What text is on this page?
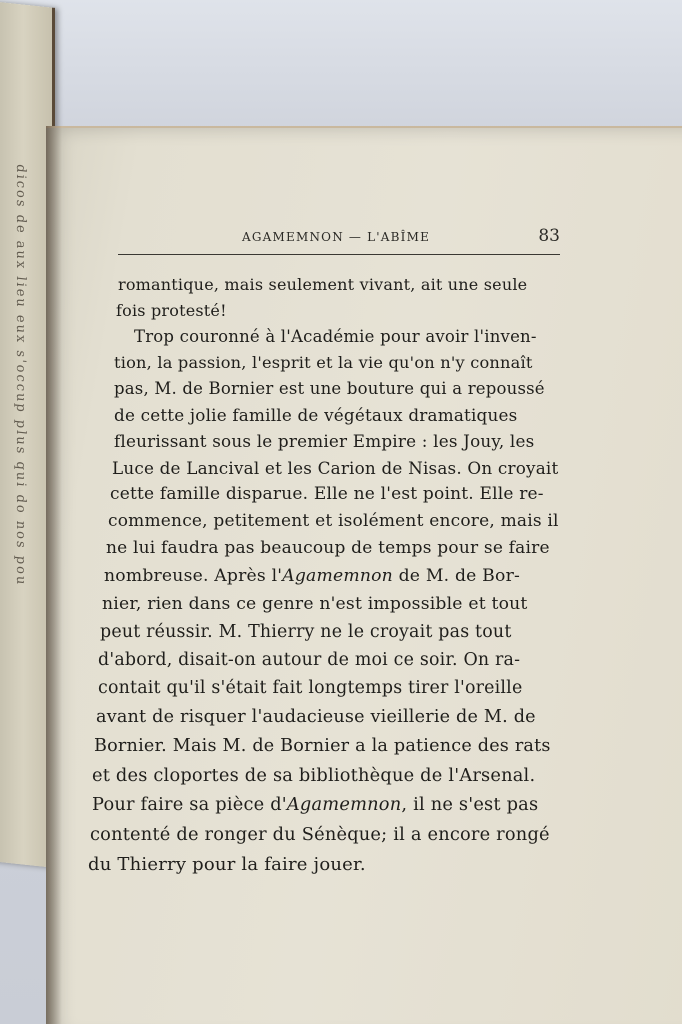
dicos de aux lieu eux s'occup plus qui do nos pou	AGAMEMNON — L'ABÎME	83
romantique, mais seulement vivant, ait une seule
fois protesté!
Trop couronné à l'Académie pour avoir l'inven-
tion, la passion, l'esprit et la vie qu'on n'y connaît
pas, M. de Bornier est une bouture qui a repoussé
de cette jolie famille de végétaux dramatiques
fleurissant sous le premier Empire : les Jouy, les
Luce de Lancival et les Carion de Nisas. On croyait
cette famille disparue. Elle ne l'est point. Elle re-
commence, petitement et isolément encore, mais il
ne lui faudra pas beaucoup de temps pour se faire
nombreuse. Après l'Agamemnon de M. de Bor-
nier, rien dans ce genre n'est impossible et tout
peut réussir. M. Thierry ne le croyait pas tout
d'abord, disait-on autour de moi ce soir. On ra-
contait qu'il s'était fait longtemps tirer l'oreille
avant de risquer l'audacieuse vieillerie de M. de
Bornier. Mais M. de Bornier a la patience des rats
et des cloportes de sa bibliothèque de l'Arsenal.
Pour faire sa pièce d'Agamemnon, il ne s'est pas
contenté de ronger du Sénèque; il a encore rongé
du Thierry pour la faire jouer.
